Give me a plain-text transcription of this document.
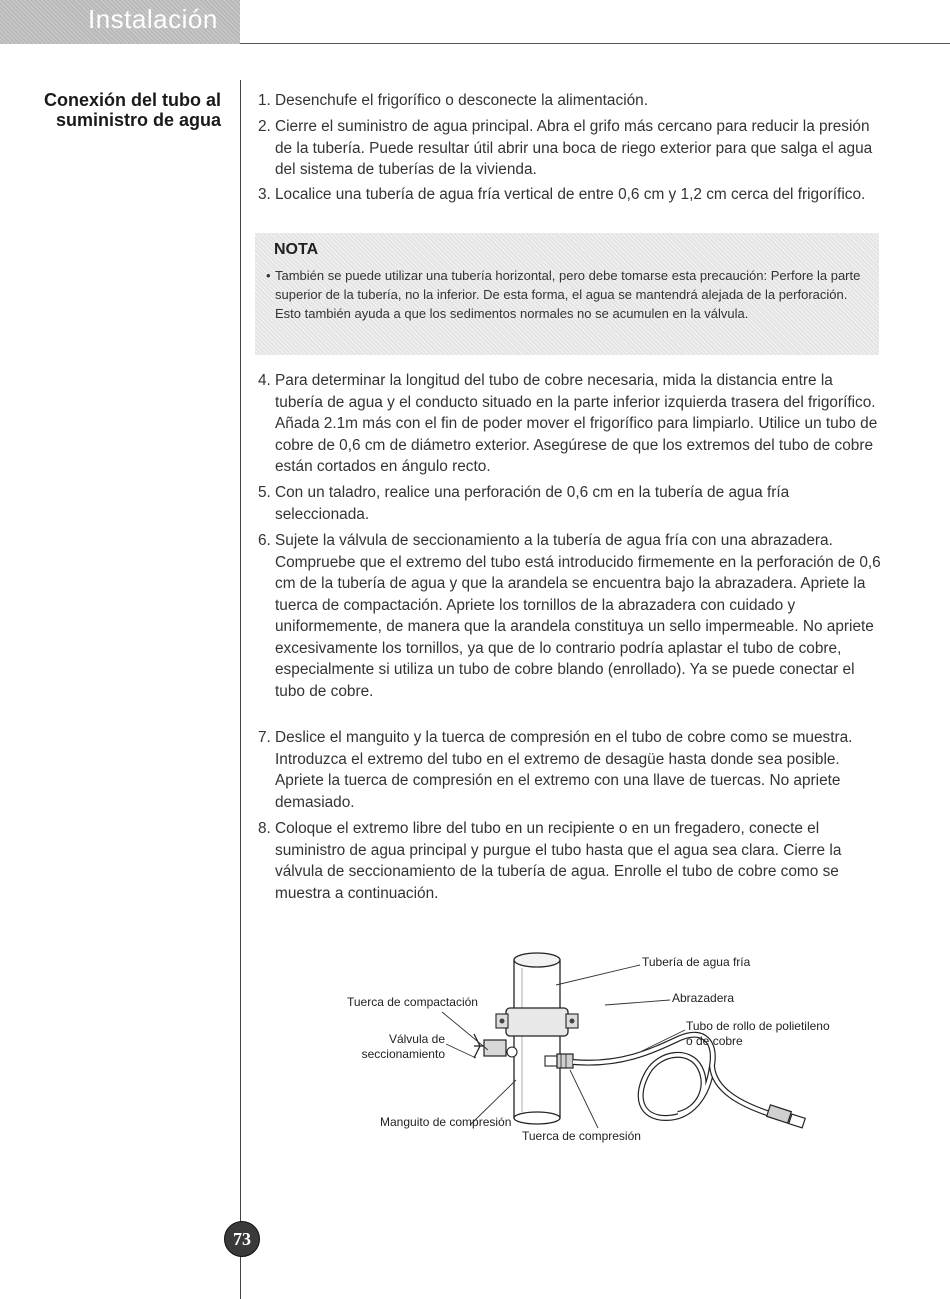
Instalación
Conexión del tubo al suministro de agua
1. Desenchufe el frigorífico o desconecte la alimentación.
2. Cierre el suministro de agua principal. Abra el grifo más cercano para reducir la presión de la tubería. Puede resultar útil abrir una boca de riego exterior para que salga el agua del sistema de tuberías de la vivienda.
3. Localice una tubería de agua fría vertical de entre 0,6 cm y 1,2 cm cerca del frigorífico.
NOTA
• También se puede utilizar una tubería horizontal, pero debe tomarse esta precaución: Perfore la parte superior de la tubería, no la inferior. De esta forma, el agua se mantendrá alejada de la perforación. Esto también ayuda a que los sedimentos normales no se acumulen en la válvula.
4. Para determinar la longitud del tubo de cobre necesaria, mida la distancia entre la tubería de agua y el conducto situado en la parte inferior izquierda trasera del frigorífico. Añada 2.1m más con el fin de poder mover el frigorífico para limpiarlo. Utilice un tubo de cobre de 0,6 cm de diámetro exterior. Asegúrese de que los extremos del tubo de cobre están cortados en ángulo recto.
5. Con un taladro, realice una perforación de 0,6 cm en la tubería de agua fría seleccionada.
6. Sujete la válvula de seccionamiento a la tubería de agua fría con una abrazadera. Compruebe que el extremo del tubo está introducido firmemente en la perforación de 0,6 cm de la tubería de agua y que la arandela se encuentra bajo la abrazadera. Apriete la tuerca de compactación. Apriete los tornillos de la abrazadera con cuidado y uniformemente, de manera que la arandela constituya un sello impermeable. No apriete excesivamente los tornillos, ya que de lo contrario podría aplastar el tubo de cobre, especialmente si utiliza un tubo de cobre blando (enrollado). Ya se puede conectar el tubo de cobre.
7. Deslice el manguito y la tuerca de compresión en el tubo de cobre como se muestra. Introduzca el extremo del tubo en el extremo de desagüe hasta donde sea posible. Apriete la tuerca de compresión en el extremo con una llave de tuercas. No apriete demasiado.
8. Coloque el extremo libre del tubo en un recipiente o en un fregadero, conecte el suministro de agua principal y purgue el tubo hasta que el agua sea clara. Cierre la válvula de seccionamiento de la tubería de agua. Enrolle el tubo de cobre como se muestra a continuación.
Tubería de agua fría
Abrazadera
Tuerca de compactación
Tubo de rollo de polietileno
o de cobre
Válvula de
seccionamiento
Manguito de compresión
Tuerca de compresión
73
